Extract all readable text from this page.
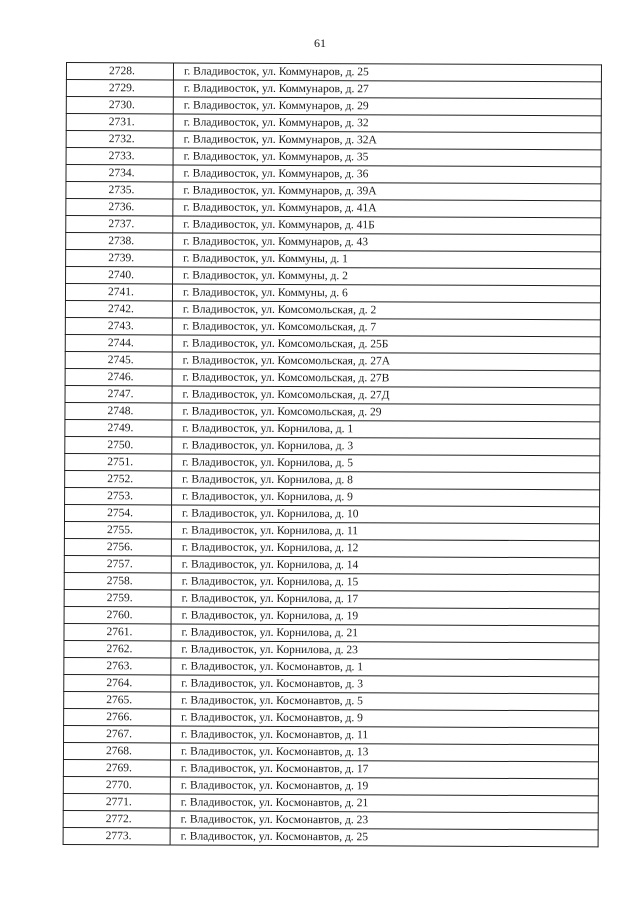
61
2728.	г. Владивосток, ул. Коммунаров, д. 25
2729.	г. Владивосток, ул. Коммунаров, д. 27
2730.	г. Владивосток, ул. Коммунаров, д. 29
2731.	г. Владивосток, ул. Коммунаров, д. 32
2732.	г. Владивосток, ул. Коммунаров, д. 32А
2733.	г. Владивосток, ул. Коммунаров, д. 35
2734.	г. Владивосток, ул. Коммунаров, д. 36
2735.	г. Владивосток, ул. Коммунаров, д. 39А
2736.	г. Владивосток, ул. Коммунаров, д. 41А
2737.	г. Владивосток, ул. Коммунаров, д. 41Б
2738.	г. Владивосток, ул. Коммунаров, д. 43
2739.	г. Владивосток, ул. Коммуны, д. 1
2740.	г. Владивосток, ул. Коммуны, д. 2
2741.	г. Владивосток, ул. Коммуны, д. 6
2742.	г. Владивосток, ул. Комсомольская, д. 2
2743.	г. Владивосток, ул. Комсомольская, д. 7
2744.	г. Владивосток, ул. Комсомольская, д. 25Б
2745.	г. Владивосток, ул. Комсомольская, д. 27А
2746.	г. Владивосток, ул. Комсомольская, д. 27В
2747.	г. Владивосток, ул. Комсомольская, д. 27Д
2748.	г. Владивосток, ул. Комсомольская, д. 29
2749.	г. Владивосток, ул. Корнилова, д. 1
2750.	г. Владивосток, ул. Корнилова, д. 3
2751.	г. Владивосток, ул. Корнилова, д. 5
2752.	г. Владивосток, ул. Корнилова, д. 8
2753.	г. Владивосток, ул. Корнилова, д. 9
2754.	г. Владивосток, ул. Корнилова, д. 10
2755.	г. Владивосток, ул. Корнилова, д. 11
2756.	г. Владивосток, ул. Корнилова, д. 12
2757.	г. Владивосток, ул. Корнилова, д. 14
2758.	г. Владивосток, ул. Корнилова, д. 15
2759.	г. Владивосток, ул. Корнилова, д. 17
2760.	г. Владивосток, ул. Корнилова, д. 19
2761.	г. Владивосток, ул. Корнилова, д. 21
2762.	г. Владивосток, ул. Корнилова, д. 23
2763.	г. Владивосток, ул. Космонавтов, д. 1
2764.	г. Владивосток, ул. Космонавтов, д. 3
2765.	г. Владивосток, ул. Космонавтов, д. 5
2766.	г. Владивосток, ул. Космонавтов, д. 9
2767.	г. Владивосток, ул. Космонавтов, д. 11
2768.	г. Владивосток, ул. Космонавтов, д. 13
2769.	г. Владивосток, ул. Космонавтов, д. 17
2770.	г. Владивосток, ул. Космонавтов, д. 19
2771.	г. Владивосток, ул. Космонавтов, д. 21
2772.	г. Владивосток, ул. Космонавтов, д. 23
2773.	г. Владивосток, ул. Космонавтов, д. 25
